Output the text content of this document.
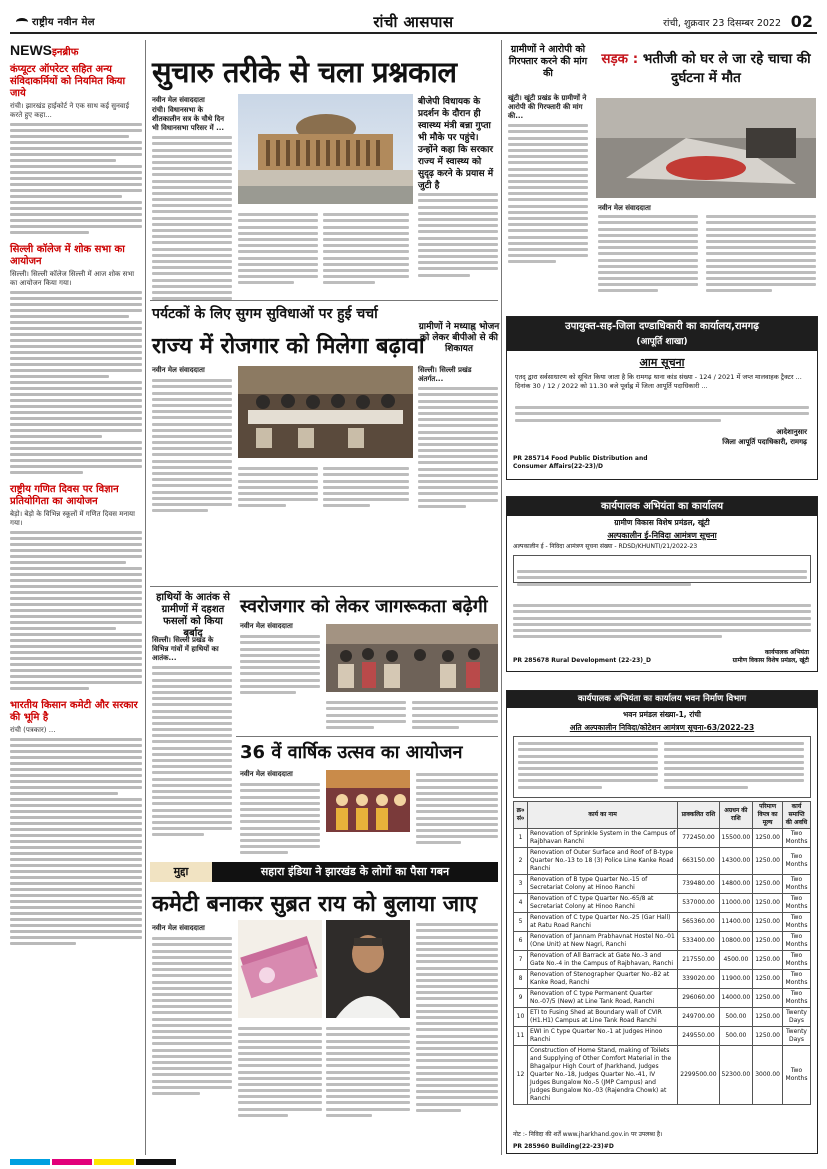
राष्ट्रीय नवीन मेल	रांची आसपास	रांची, शुक्रवार 23 दिसम्बर 2022 02
NEWSइनब्रीफ
कंप्यूटर ऑपरेटर सहित अन्य संविदाकर्मियों को नियमित किया जाये

रांची। झारखंड हाईकोर्ट ने एक साथ कई सुनवाई करते हुए कहा...

सिल्ली कॉलेज में शोक सभा का आयोजन

सिल्ली। सिल्ली कॉलेज सिल्ली में आज शोक सभा का आयोजन किया गया।

राष्ट्रीय गणित दिवस पर विज्ञान प्रतियोगिता का आयोजन

बेड़ो। बेड़ो के विभिन्न स्कूलों में गणित दिवस मनाया गया।

भारतीय किसान कमेटी और सरकार की भूमि है

रांची (पत्रकार) ...

सुचारु तरीके से चला प्रश्नकाल
नवीन मेल संवाददाता

रांची। विधानसभा के शीतकालीन सत्र के चौथे दिन भी विधानसभा परिसर में ...

बीजेपी विधायक के प्रदर्शन के दौरान ही स्वास्थ्य मंत्री बन्ना गुप्ता भी मौके पर पहुंचे। उन्होंने कहा कि सरकार राज्य में स्वास्थ्य को सुदृढ़ करने के प्रयास में जुटी है
पर्यटकों के लिए सुगम सुविधाओं पर हुई चर्चा
राज्य में रोजगार को मिलेगा बढ़ावा
नवीन मेल संवाददाता
ग्रामीणों ने मध्याह्न भोजन को लेकर बीपीओ से की शिकायत

सिल्ली। सिल्ली प्रखंड अंतर्गत...

हाथियों के आतंक से ग्रामीणों में दहशत फसलों को किया बर्बाद

सिल्ली। सिल्ली प्रखंड के विभिन्न गांवों में हाथियों का आतंक...

स्वरोजगार को लेकर जागरूकता बढ़ेगी
नवीन मेल संवाददाता
36 वें वार्षिक उत्सव का आयोजन
नवीन मेल संवाददाता
मुद्दा	सहारा इंडिया ने झारखंड के लोगों का पैसा गबन
कमेटी बनाकर सुब्रत राय को बुलाया जाए
नवीन मेल संवाददाता
ग्रामीणों ने आरोपी को गिरफ्तार करने की मांग की

खूंटी। खूंटी प्रखंड के ग्रामीणों ने आरोपी की गिरफ्तारी की मांग की...

सड़क : भतीजी को घर ले जा रहे चाचा की दुर्घटना में मौत
नवीन मेल संवाददाता
उपायुक्त-सह-जिला दण्डाधिकारी का कार्यालय,रामगढ़
(आपूर्ति शाखा)
आम सूचना

एतद् द्वारा सर्वसाधारण को सूचित किया जाता है कि रामगढ़ थाना कांड संख्या - 124 / 2021 में जप्त मालवाहक ट्रैक्टर ... दिनांक 30 / 12 / 2022 को 11.30 बजे पूर्वाह्न में जिला आपूर्ति पदाधिकारी ...

आदेशानुसार
जिला आपूर्ति पदाधिकारी, रामगढ़
PR 285714 Food Public Distribution and Consumer Affairs(22-23)/D
कार्यपालक अभियंता का कार्यालय
ग्रामीण विकास विशेष प्रमंडल, खूंटी
अल्पकालीन ई-निविदा आमंत्रण सूचना
अल्पकालीन ई - निविदा आमंत्रण सूचना संख्या - RDSD/KHUNTI/21/2022-23
PR 285678 Rural Development (22-23)_D
कार्यपालक अभियंता
ग्रामीण विकास विशेष प्रमंडल, खूंटी
कार्यपालक अभियंता का कार्यालय भवन निर्माण विभाग
भवन प्रमंडल संख्या-1, रांची
अति अल्पकालीन निविदा/कोटेशन आमंत्रण सूचना-63/2022-23
क्र० सं०	कार्य का नाम	प्राक्कलित राशि	अग्रधन की राशि	परिमाण विपत्र का मूल्य	कार्य समाप्ति की अवधि
1	Renovation of Sprinkle System in the Campus of Rajbhavan Ranchi	772450.00	15500.00	1250.00	Two Months
2	Renovation of Outer Surface and Roof of B-type Quarter No.-13 to 18 (3) Police Line Kanke Road Ranchi	663150.00	14300.00	1250.00	Two Months
3	Renovation of B type Quarter No.-15 of Secretariat Colony at Hinoo Ranchi	739480.00	14800.00	1250.00	Two Months
4	Renovation of C type Quarter No.-65/8 at Secretariat Colony at Hinoo Ranchi	537000.00	11000.00	1250.00	Two Months
5	Renovation of C type Quarter No.-25 (Gar Hall) at Ratu Road Ranchi	565360.00	11400.00	1250.00	Two Months
6	Renovation of Jannam Prabhavnat Hostel No.-01 (One Unit) at New Nagri, Ranchi	533400.00	10800.00	1250.00	Two Months
7	Renovation of All Barrack at Gate No.-3 and Gate No.-4 in the Campus of Rajbhavan, Ranchi	217550.00	4500.00	1250.00	Two Months
8	Renovation of Stenographer Quarter No.-B2 at Kanke Road, Ranchi	339020.00	11900.00	1250.00	Two Months
9	Renovation of C type Permanent Quarter No.-07/5 (New) at Line Tank Road, Ranchi	296060.00	14000.00	1250.00	Two Months
10	ETI to Fusing Shed at Boundary wall of CVIR (H1.H1) Campus at Line Tank Road Ranchi	249700.00	500.00	1250.00	Twenty Days
11	EWI in C type Quarter No.-1 at Judges Hinoo Ranchi	249550.00	500.00	1250.00	Twenty Days
12	Construction of Home Stand, making of Toilets and Supplying of Other Comfort Material in the Bhagalpur High Court of Jharkhand, Judges Quarter No.-18, Judges Quarter No.-41, IV Judges Bungalow No.-5 (JMP Campus) and Judges Bungalow No.-03 (Rajendra Chowk) at Ranchi	2299500.00	52300.00	3000.00	Two Months
नोट :- निविदा की शर्तें www.jharkhand.gov.in पर उपलब्ध है।
PR 285960 Building(22-23)#D
